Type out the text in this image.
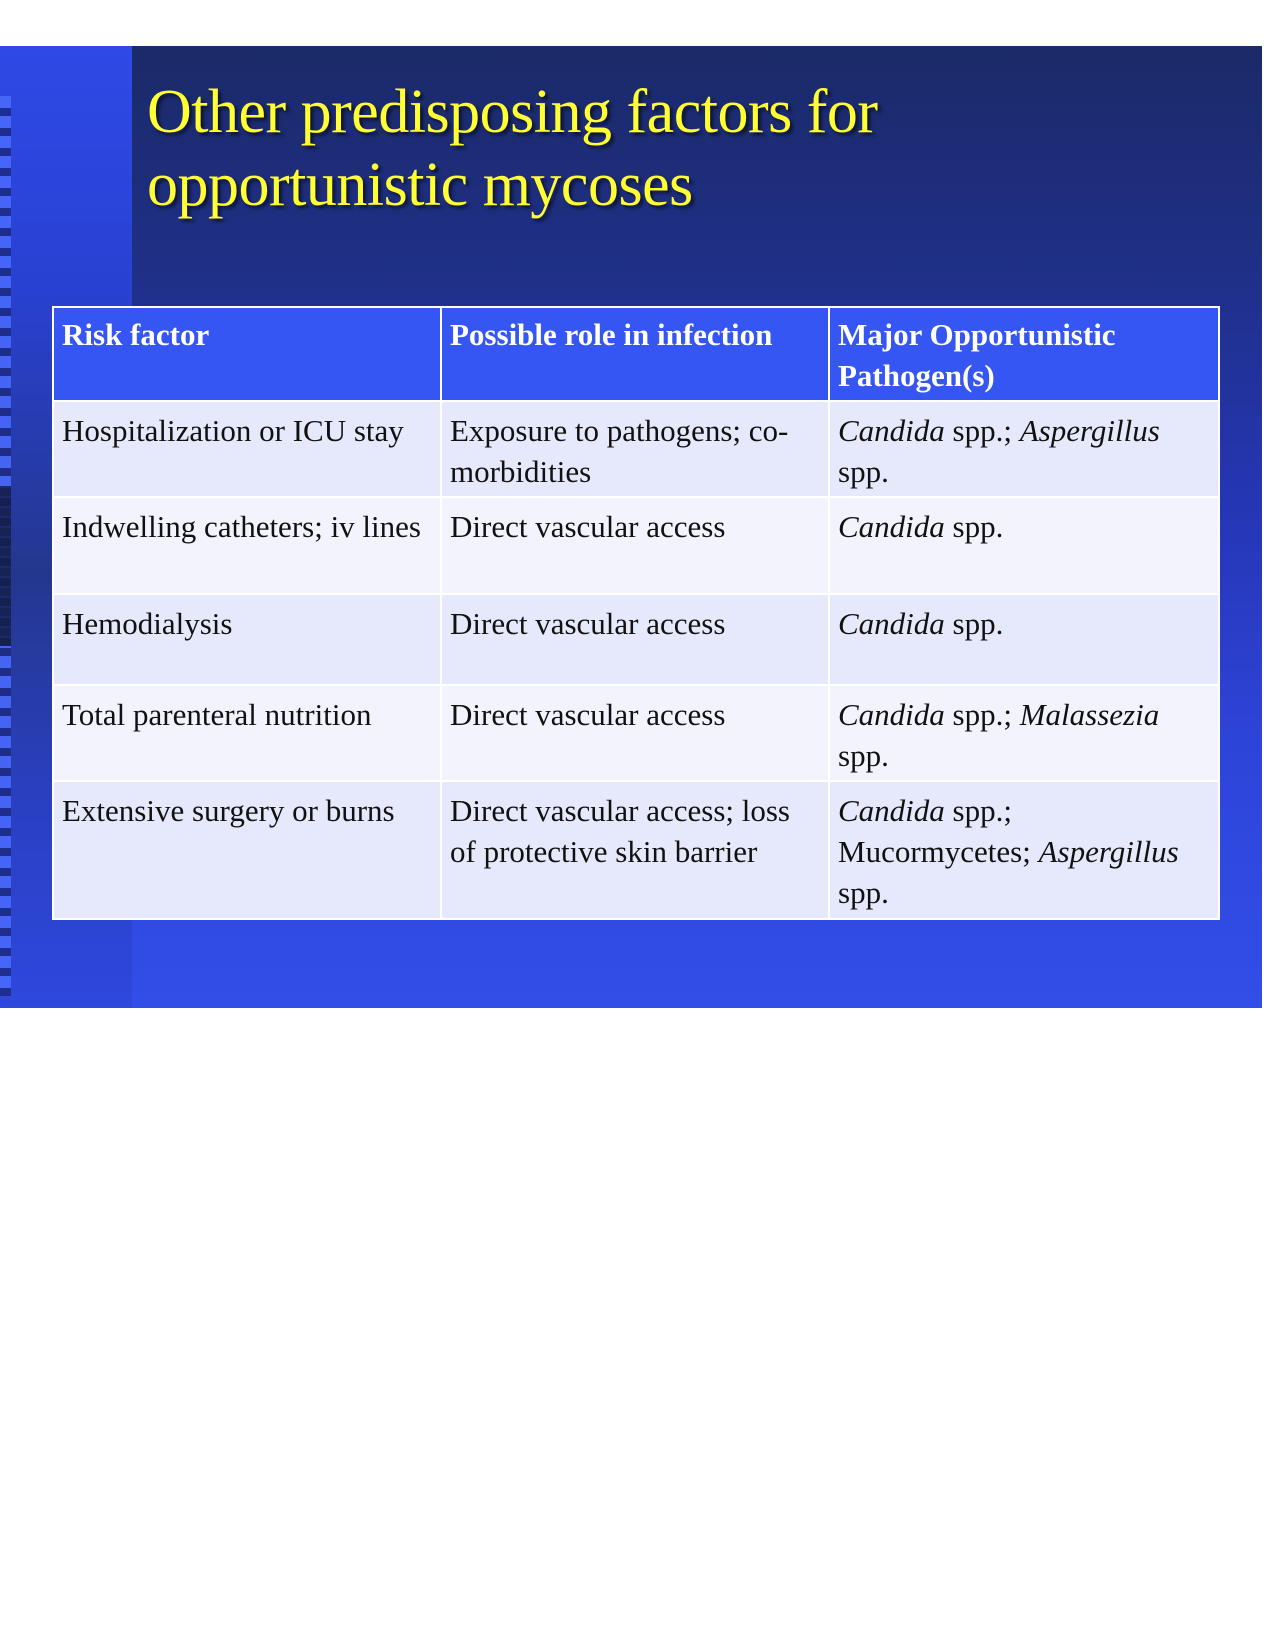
Other predisposing factors for
opportunistic mycoses
Risk factor	Possible role in infection	Major Opportunistic Pathogen(s)
Hospitalization or ICU stay	Exposure to pathogens; co-morbidities	Candida spp.; Aspergillus spp.
Indwelling catheters; iv lines	Direct vascular access	Candida spp.
Hemodialysis	Direct vascular access	Candida spp.
Total parenteral nutrition	Direct vascular access	Candida spp.; Malassezia spp.
Extensive surgery or burns	Direct vascular access; loss of protective skin barrier	Candida spp.; Mucormycetes; Aspergillus spp.
